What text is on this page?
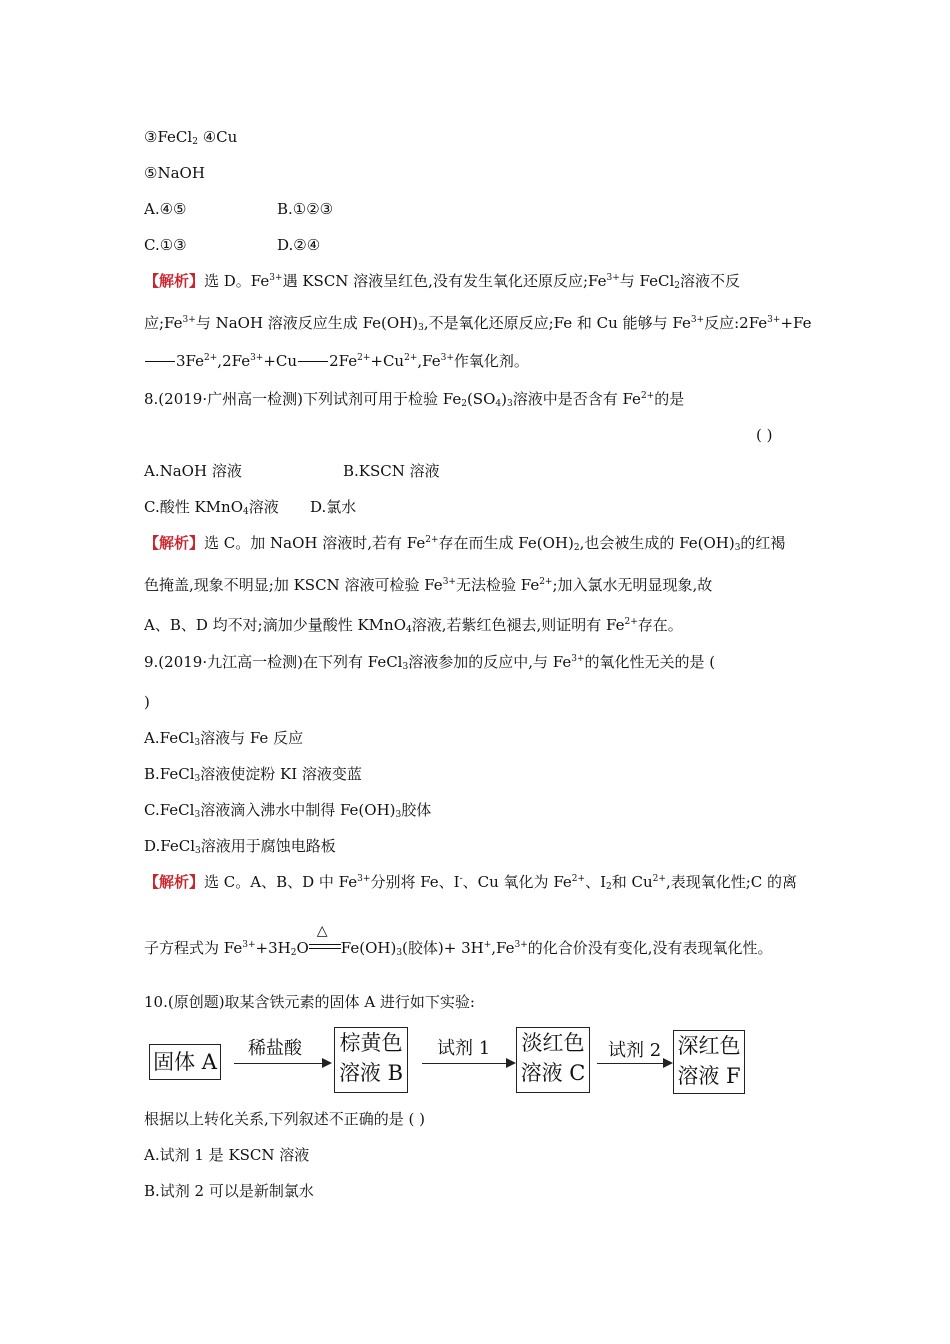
③FeCl$_2$ ④Cu
⑤NaOH
A.④⑤	B.①②③
C.①③	D.②④
【解析】选 D。$Fe^{3+}$遇 KSCN 溶液呈红色,没有发生氧化还原反应$;Fe^{3+}$与 FeCl$_2$溶液不反
应$;Fe^{3+}$与 NaOH 溶液反应生成 $Fe(OH)_3$,不是氧化还原反应;Fe 和 Cu 能够与 $Fe^{3+}$反应$:2Fe^{3+}+Fe$
$3Fe^{2+},2Fe^{3+}+Cu$ $2Fe^{2+}+Cu^{2+},Fe^{3+}$作氧化剂。
8.(2019·广州高一检测)下列试剂可用于检验 $Fe_2(SO_4)_3$溶液中是否含有 $Fe^{2+}$的是
( )
A.NaOH 溶液	B.KSCN 溶液
C.酸性 KMnO$_4$溶液 D.氯水
【解析】选 C。加 NaOH 溶液时,若有 $Fe^{2+}$存在而生成 $Fe(OH)_2$,也会被生成的 $Fe(OH)_3$的红褐
色掩盖,现象不明显;加 KSCN 溶液可检验 $Fe^{3+}$无法检验 $Fe^{2+}$;加入氯水无明显现象,故
A、B、D 均不对;滴加少量酸性 KMnO$_4$溶液,若紫红色褪去,则证明有 $Fe^{2+}$存在。
9.(2019·九江高一检测)在下列有 FeCl$_3$溶液参加的反应中,与 $Fe^{3+}$的氧化性无关的是 (
)
A.FeCl$_3$溶液与 Fe 反应
B.FeCl$_3$溶液使淀粉 KI 溶液变蓝
C.FeCl$_3$溶液滴入沸水中制得 $Fe(OH)_3$胶体
D.FeCl$_3$溶液用于腐蚀电路板
【解析】选 C。A、B、D 中 $Fe^{3+}$分别将 Fe、I-、Cu 氧化为 $Fe^{2+}$、$I_2$和 $Cu^{2+}$,表现氧化性;C 的离
子方程式为 $Fe^{3+}+3H_2O$
△
$Fe(OH)_3$(胶体)+ $3H^+,Fe^{3+}$的化合价没有变化,没有表现氧化性。
10.(原创题)取某含铁元素的固体 A 进行如下实验:
固体 A
稀盐酸 棕黄色
溶液 B
试剂 1 淡红色
溶液 C
试剂 2 深红色
溶液 F
根据以上转化关系,下列叙述不正确的是 ( )
A.试剂 1 是 KSCN 溶液
B.试剂 2 可以是新制氯水
